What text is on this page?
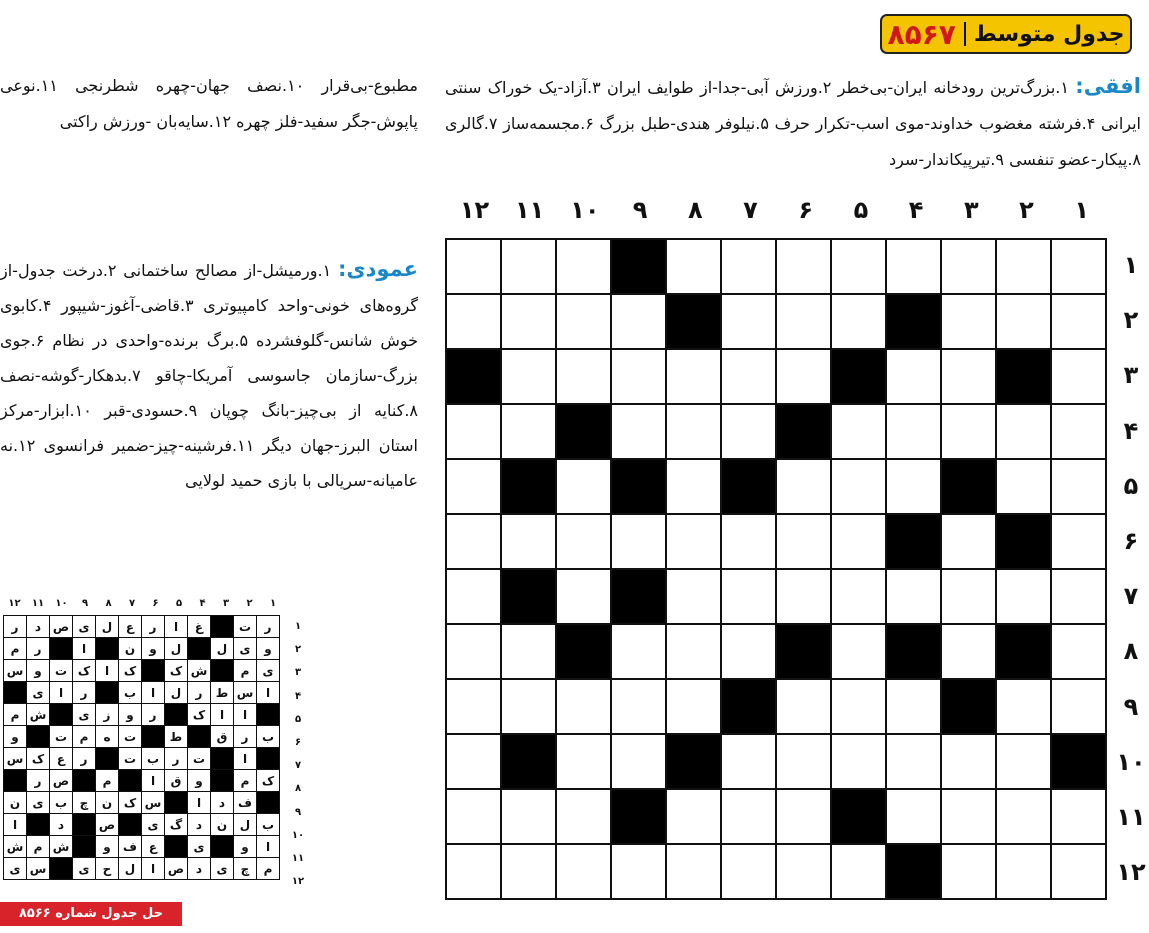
جدول متوسط
۸۵۶۷
افقی: ۱.بزرگ‌ترین رودخانه ایران-بی‌خطر ۲.ورزش آبی-جدا-از طوایف ایران ۳.آزاد-یک خوراک سنتی ایرانی ۴.فرشته مغضوب خداوند-موی اسب-تکرار حرف ۵.نیلوفر هندی-طبل بزرگ ۶.مجسمه‌ساز ۷.گالری ۸.پیکار-عضو تنفسی ۹.تیرپیکاندار-سرد
مطبوع-بی‌قرار ۱۰.نصف جهان-چهره شطرنجی ۱۱.نوعی پاپوش-جگر سفید-فلز چهره ۱۲.سایه‌بان -ورزش راکتی
عمودی: ۱.ورمیشل-از مصالح ساختمانی ۲.درخت جدول-از گروه‌های خونی-واحد کامپیوتری ۳.قاضی-آغوز-شیپور ۴.کابوی خوش شانس-گلوفشرده ۵.برگ برنده-واحدی در نظام ۶.جوی بزرگ-سازمان جاسوسی آمریکا-چاقو ۷.بدهکار-گوشه-نصف ۸.کنایه از بی‌چیز-بانگ چوپان ۹.حسودی-قبر ۱۰.ابزار-مرکز استان البرز-جهان دیگر ۱۱.فرشینه-چیز-ضمیر فرانسوی ۱۲.نه عامیانه-سریالی با بازی حمید لولایی
۱
۲
۳
۴
۵
۶
۷
۸
۹
۱۰
۱۱
۱۲
۱
۲
۳
۴
۵
۶
۷
۸
۹
۱۰
۱۱
۱۲

۱
۲
۳
۴
۵
۶
۷
۸
۹
۱۰
۱۱
۱۲
۱
۲
۳
۴
۵
۶
۷
۸
۹
۱۰
۱۱
۱۲
ر	ت		غ	ا	ر	ع	ل	ی	ص	د	ر
و	ی	ل		ل	و	ن		ا		ر	م
ی	م		ش	ک		ک	ا	ک	ت	و	س
ا	س	ط	ر	ل	ا	ب		ر	ا	ی	
	ا	ا	ک		ر	و	ز	ی		ش	م
ب	ر	ق		ط		ت	ه	م	ت		و
	ا		ت	ر	ب	ت		ر	ع	ک	س
ک	م		و	ق	ا		م		ص	ر	
	ف	د	ا		س	ک	ن	چ	ب	ی	ن
ب	ل	ن	د	گ	ی		ص		د		ا
ا	و		ی		ع	ف	و		ش	م	ش
م	چ	ی	د	ص	ا	ل	ح	ی		س	ی
حل جدول شماره ۸۵۶۶
